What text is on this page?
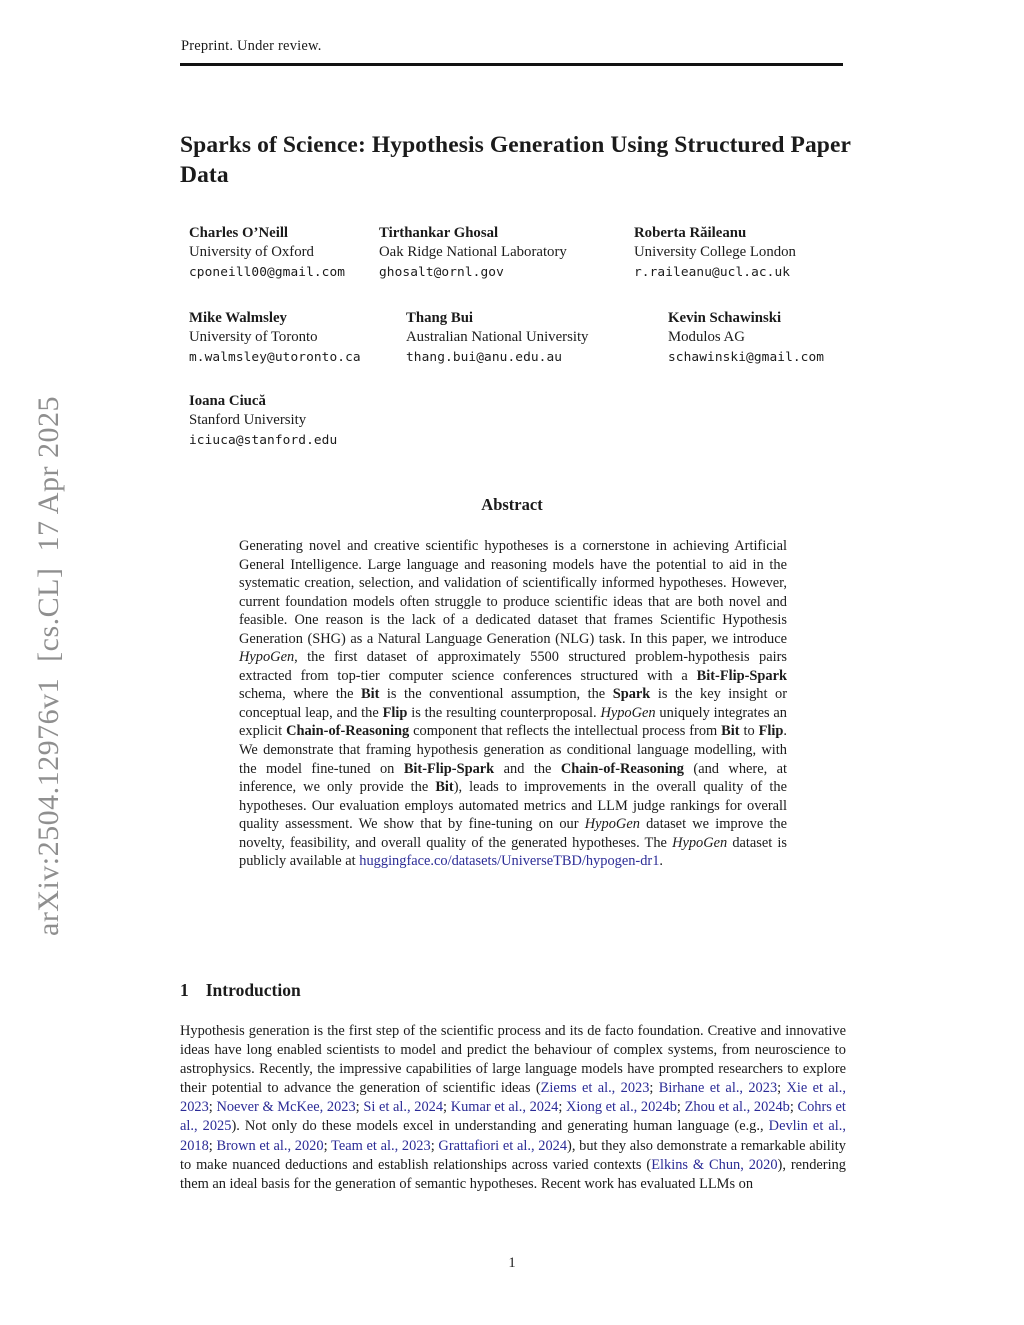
arXiv:2504.12976v1  [cs.CL]  17 Apr 2025
Preprint. Under review.
Sparks of Science: Hypothesis Generation Using Structured Paper Data
Charles O’Neill
University of Oxford
cponeill00@gmail.com
Tirthankar Ghosal
Oak Ridge National Laboratory
ghosalt@ornl.gov
Roberta Răileanu
University College London
r.raileanu@ucl.ac.uk
Mike Walmsley
University of Toronto
m.walmsley@utoronto.ca
Thang Bui
Australian National University
thang.bui@anu.edu.au
Kevin Schawinski
Modulos AG
schawinski@gmail.com
Ioana Ciucă
Stanford University
iciuca@stanford.edu
Abstract
Generating novel and creative scientific hypotheses is a cornerstone in achieving Artificial General Intelligence. Large language and reasoning models have the potential to aid in the systematic creation, selection, and validation of scientifically informed hypotheses. However, current foundation models often struggle to produce scientific ideas that are both novel and feasible. One reason is the lack of a dedicated dataset that frames Scientific Hypothesis Generation (SHG) as a Natural Language Generation (NLG) task. In this paper, we introduce HypoGen, the first dataset of approximately 5500 structured problem-hypothesis pairs extracted from top-tier computer science conferences structured with a Bit-Flip-Spark schema, where the Bit is the conventional assumption, the Spark is the key insight or conceptual leap, and the Flip is the resulting counterproposal. HypoGen uniquely integrates an explicit Chain-of-Reasoning component that reflects the intellectual process from Bit to Flip. We demonstrate that framing hypothesis generation as conditional language modelling, with the model fine-tuned on Bit-Flip-Spark and the Chain-of-Reasoning (and where, at inference, we only provide the Bit), leads to improvements in the overall quality of the hypotheses. Our evaluation employs automated metrics and LLM judge rankings for overall quality assessment. We show that by fine-tuning on our HypoGen dataset we improve the novelty, feasibility, and overall quality of the generated hypotheses. The HypoGen dataset is publicly available at huggingface.co/datasets/UniverseTBD/hypogen-dr1.
1 Introduction
Hypothesis generation is the first step of the scientific process and its de facto foundation. Creative and innovative ideas have long enabled scientists to model and predict the behaviour of complex systems, from neuroscience to astrophysics. Recently, the impressive capabilities of large language models have prompted researchers to explore their potential to advance the generation of scientific ideas (Ziems et al., 2023; Birhane et al., 2023; Xie et al., 2023; Noever & McKee, 2023; Si et al., 2024; Kumar et al., 2024; Xiong et al., 2024b; Zhou et al., 2024b; Cohrs et al., 2025). Not only do these models excel in understanding and generating human language (e.g., Devlin et al., 2018; Brown et al., 2020; Team et al., 2023; Grattafiori et al., 2024), but they also demonstrate a remarkable ability to make nuanced deductions and establish relationships across varied contexts (Elkins & Chun, 2020), rendering them an ideal basis for the generation of semantic hypotheses. Recent work has evaluated LLMs on
1
